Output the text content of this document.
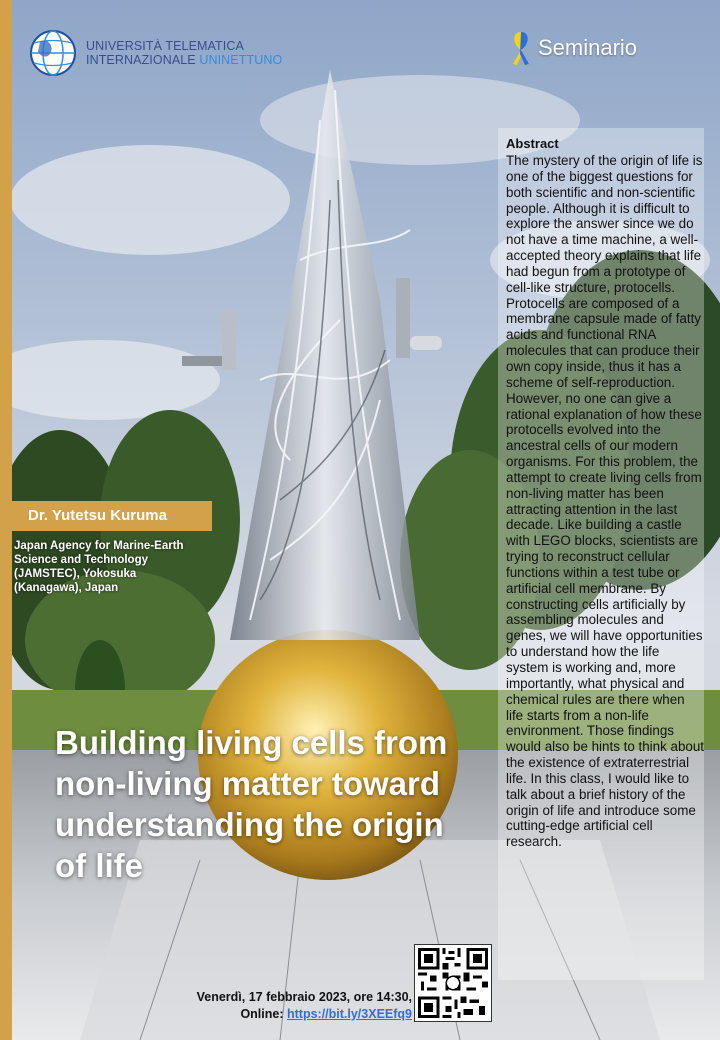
UNIVERSITÀ TELEMATICA
INTERNAZIONALE UNINETTUNO	Seminario
Abstract
The mystery of the origin of life is one of the biggest questions for both scientific and non-scientific people. Although it is difficult to explore the answer since we do not have a time machine, a well-accepted theory explains that life had begun from a prototype of cell-like structure, protocells. Protocells are composed of a membrane capsule made of fatty acids and functional RNA molecules that can produce their own copy inside, thus it has a scheme of self-reproduction. However, no one can give a rational explanation of how these protocells evolved into the ancestral cells of our modern organisms. For this problem, the attempt to create living cells from non-living matter has been attracting attention in the last decade. Like building a castle with LEGO blocks, scientists are trying to reconstruct cellular functions within a test tube or artificial cell membrane. By constructing cells artificially by assembling molecules and genes, we will have opportunities to understand how the life system is working and, more importantly, what physical and chemical rules are there when life starts from a non-life environment. Those findings would also be hints to think about the existence of extraterrestrial life. In this class, I would like to talk about a brief history of the origin of life and introduce some cutting-edge artificial cell research.
Dr. Yutetsu Kuruma
Japan Agency for Marine-Earth Science and Technology (JAMSTEC), Yokosuka (Kanagawa), Japan
Building living cells from non-living matter toward understanding the origin of life
Venerdì, 17 febbraio 2023, ore 14:30,
Online: https://bit.ly/3XEEfq9
